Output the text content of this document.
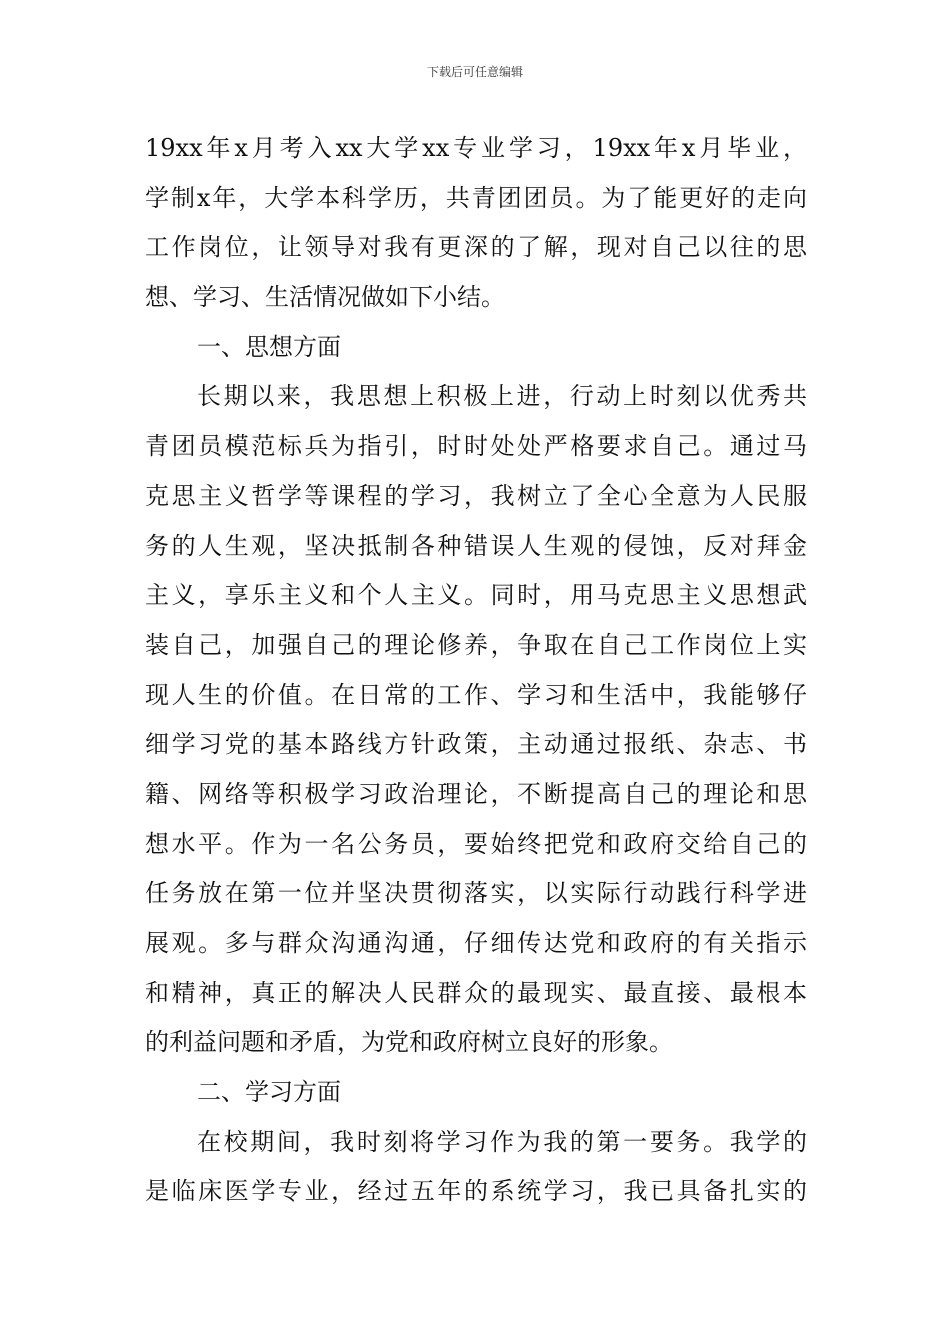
下载后可任意编辑
19xx年x月考入xx大学xx专业学习，19xx年x月毕业，
学制x年，大学本科学历，共青团团员。为了能更好的走向
工作岗位，让领导对我有更深的了解，现对自己以往的思
想、学习、生活情况做如下小结。
一、思想方面
长期以来，我思想上积极上进，行动上时刻以优秀共
青团员模范标兵为指引，时时处处严格要求自己。通过马
克思主义哲学等课程的学习，我树立了全心全意为人民服
务的人生观，坚决抵制各种错误人生观的侵蚀，反对拜金
主义，享乐主义和个人主义。同时，用马克思主义思想武
装自己，加强自己的理论修养，争取在自己工作岗位上实
现人生的价值。在日常的工作、学习和生活中，我能够仔
细学习党的基本路线方针政策，主动通过报纸、杂志、书
籍、网络等积极学习政治理论，不断提高自己的理论和思
想水平。作为一名公务员，要始终把党和政府交给自己的
任务放在第一位并坚决贯彻落实，以实际行动践行科学进
展观。多与群众沟通沟通，仔细传达党和政府的有关指示
和精神，真正的解决人民群众的最现实、最直接、最根本
的利益问题和矛盾，为党和政府树立良好的形象。
二、学习方面
在校期间，我时刻将学习作为我的第一要务。我学的
是临床医学专业，经过五年的系统学习，我已具备扎实的
